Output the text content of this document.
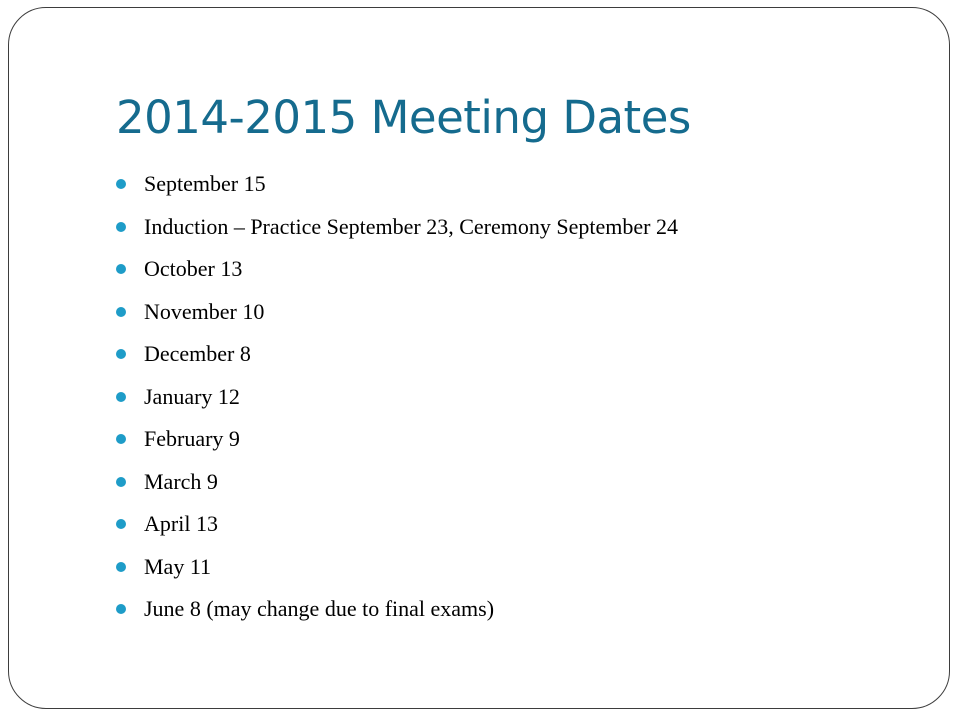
2014-2015 Meeting Dates
September 15
Induction – Practice September 23, Ceremony September 24
October 13
November 10
December 8
January 12
February 9
March 9
April 13
May 11
June 8 (may change due to final exams)
